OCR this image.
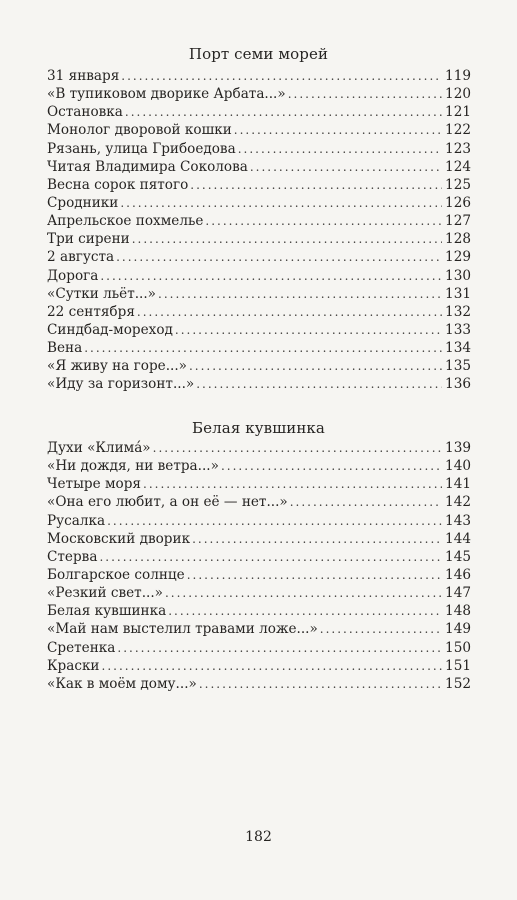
Порт семи морей
31 января .....	119
«В тупиковом дворике Арбата...» .....	120
Остановка .....	121
Монолог дворовой кошки .....	122
Рязань, улица Грибоедова .....	123
Читая Владимира Соколова .....	124
Весна сорок пятого .....	125
Сродники .....	126
Апрельское похмелье .....	127
Три сирени .....	128
2 августа .....	129
Дорога .....	130
«Сутки льёт...» .....	131
22 сентября .....	132
Синдбад-мореход .....	133
Вена .....	134
«Я живу на горе...» .....	135
«Иду за горизонт...» .....	136
Белая кувшинка
Духи «Климá» .....	139
«Ни дождя, ни ветра...» .....	140
Четыре моря .....	141
«Она его любит, а он её — нет...» .....	142
Русалка .....	143
Московский дворик .....	144
Стерва .....	145
Болгарское солнце .....	146
«Резкий свет...» .....	147
Белая кувшинка .....	148
«Май нам выстелил травами ложе...» .....	149
Сретенка .....	150
Краски .....	151
«Как в моём дому...» .....	152
182
